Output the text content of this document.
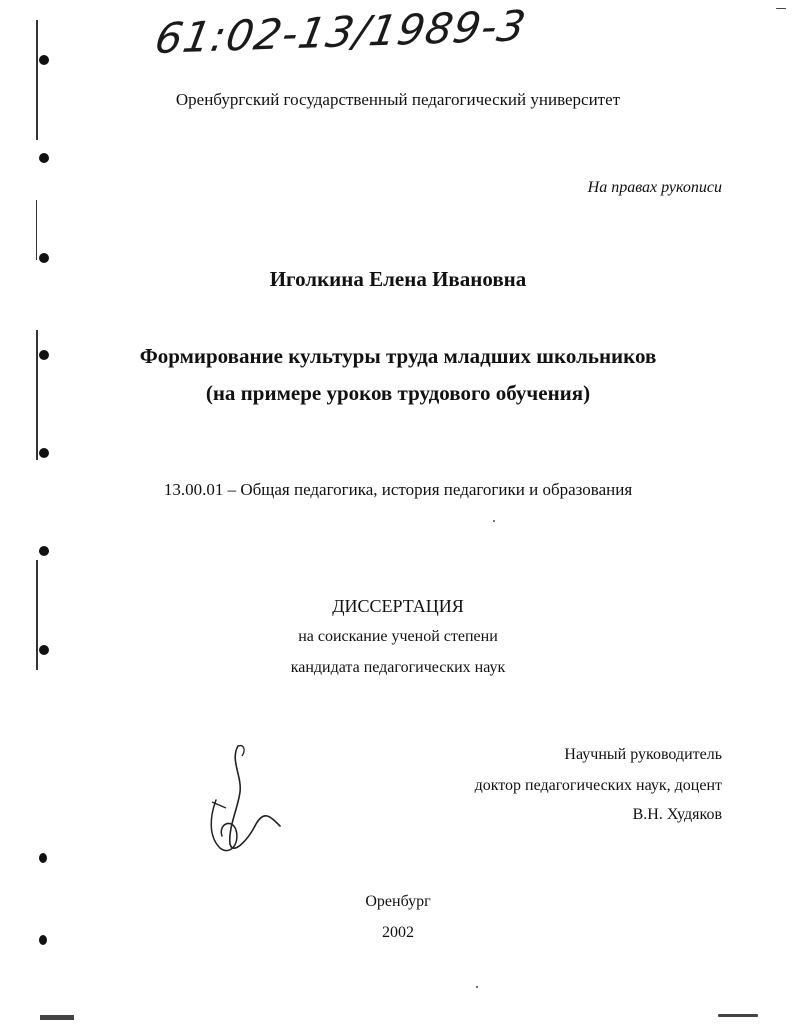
61:02-13/1989-3
Оренбургский государственный педагогический университет
На правах рукописи
Иголкина Елена Ивановна
Формирование культуры труда младших школьников
(на примере уроков трудового обучения)
13.00.01 – Общая педагогика, история педагогики и образования
ДИССЕРТАЦИЯ
на соискание ученой степени
кандидата педагогических наук
Научный руководитель
доктор педагогических наук, доцент
В.Н. Худяков
Оренбург
2002
